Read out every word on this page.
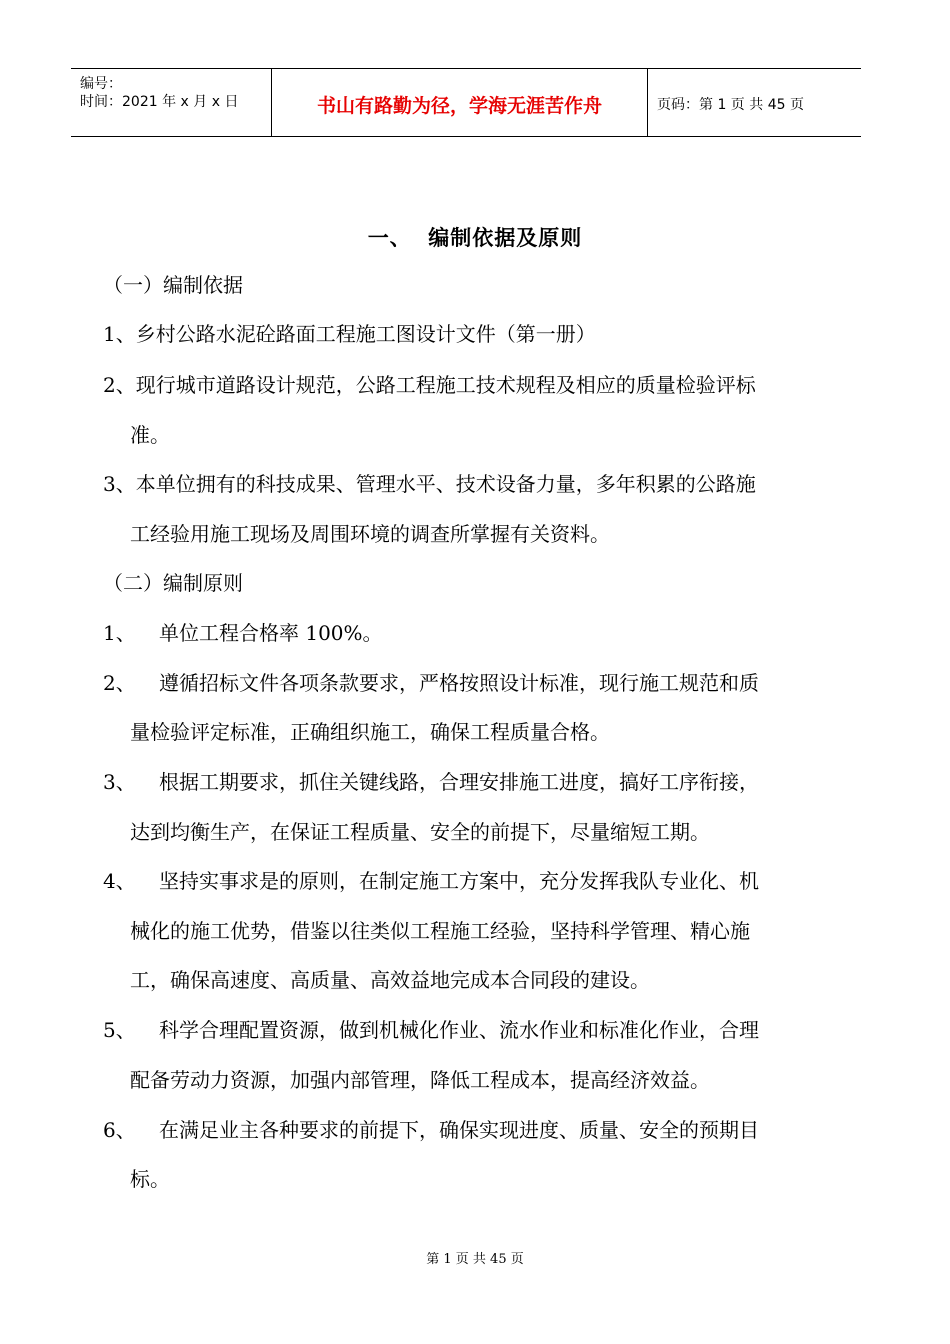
编号：
时间：2021 年 x 月 x 日	书山有路勤为径，学海无涯苦作舟	页码：第 1 页 共 45 页
一、  编制依据及原则
（一）编制依据
1、乡村公路水泥砼路面工程施工图设计文件（第一册）
2、现行城市道路设计规范，公路工程施工技术规程及相应的质量检验评标
准。
3、本单位拥有的科技成果、管理水平、技术设备力量，多年积累的公路施
工经验用施工现场及周围环境的调查所掌握有关资料。
（二）编制原则
1、 单位工程合格率 100%。
2、 遵循招标文件各项条款要求，严格按照设计标准，现行施工规范和质
量检验评定标准，正确组织施工，确保工程质量合格。
3、 根据工期要求，抓住关键线路，合理安排施工进度，搞好工序衔接，
达到均衡生产，在保证工程质量、安全的前提下，尽量缩短工期。
4、 坚持实事求是的原则，在制定施工方案中，充分发挥我队专业化、机
械化的施工优势，借鉴以往类似工程施工经验，坚持科学管理、精心施
工，确保高速度、高质量、高效益地完成本合同段的建设。
5、 科学合理配置资源，做到机械化作业、流水作业和标准化作业，合理
配备劳动力资源，加强内部管理，降低工程成本，提高经济效益。
6、 在满足业主各种要求的前提下，确保实现进度、质量、安全的预期目
标。
第 1 页 共 45 页
